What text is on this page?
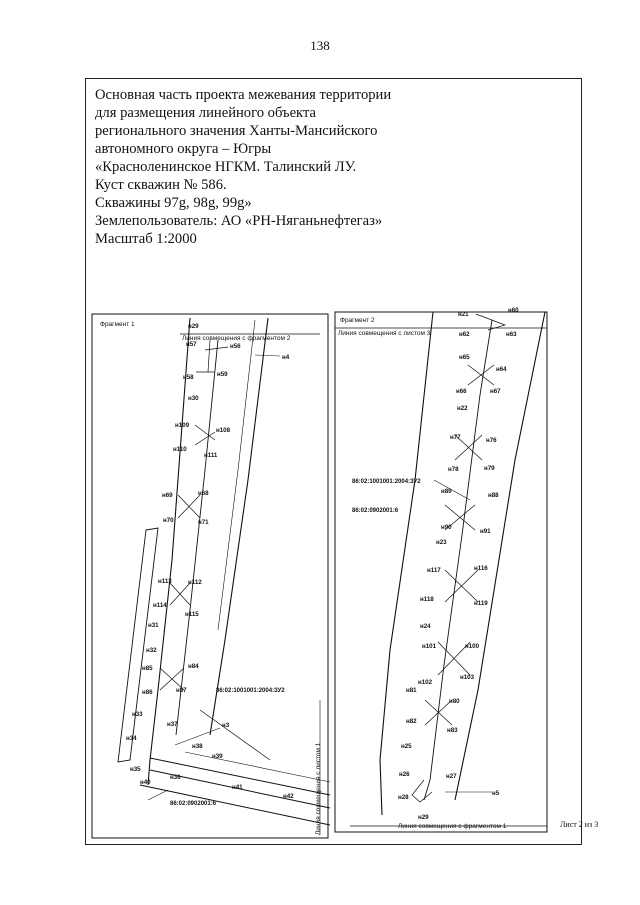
138
Основная часть проекта межевания территории
для размещения линейного объекта
регионального значения Ханты-Мансийского
автономного округа – Югры
«Красноленинское НГКМ. Талинский ЛУ.
Куст скважин № 586.
Скважины 97g, 98g, 99g»
Землепользователь: АО «РН-Няганьнефтегаз»
Масштаб 1:2000
Фрагмент 1
Линия совмещения с фрагментом 2
н29
н57	н56
н4
н58	н59
н30
н109
н108
н110
н111
н69	н68
н70	н71
н113	н112
н114
н115
н31
н32
н85	н84
н86	н87	86:02:1001001:2004:ЗУ2
н33
н37	н3
н34
н38
н35
н39
н40
н36
н41
н42
86:02:0902001:6	Линия совмещения с листом 1
Фрагмент 2
Линия совмещения с листом 3
н21
н60
н62	н63
н65
н64
н66	н67
н22
н77	н76
н78	н79
86:02:1001001:2004:ЗУ2
н89
н88
86:02:0902001:6
н90
н91
н23
н117	н116
н118
н119
н24
н101	н100
н102
н103
н81
н80
н82
н83
н25
н26	н27
н28
н5
н29
Линия совмещения с фрагментом 1	Лист 2 из 3
